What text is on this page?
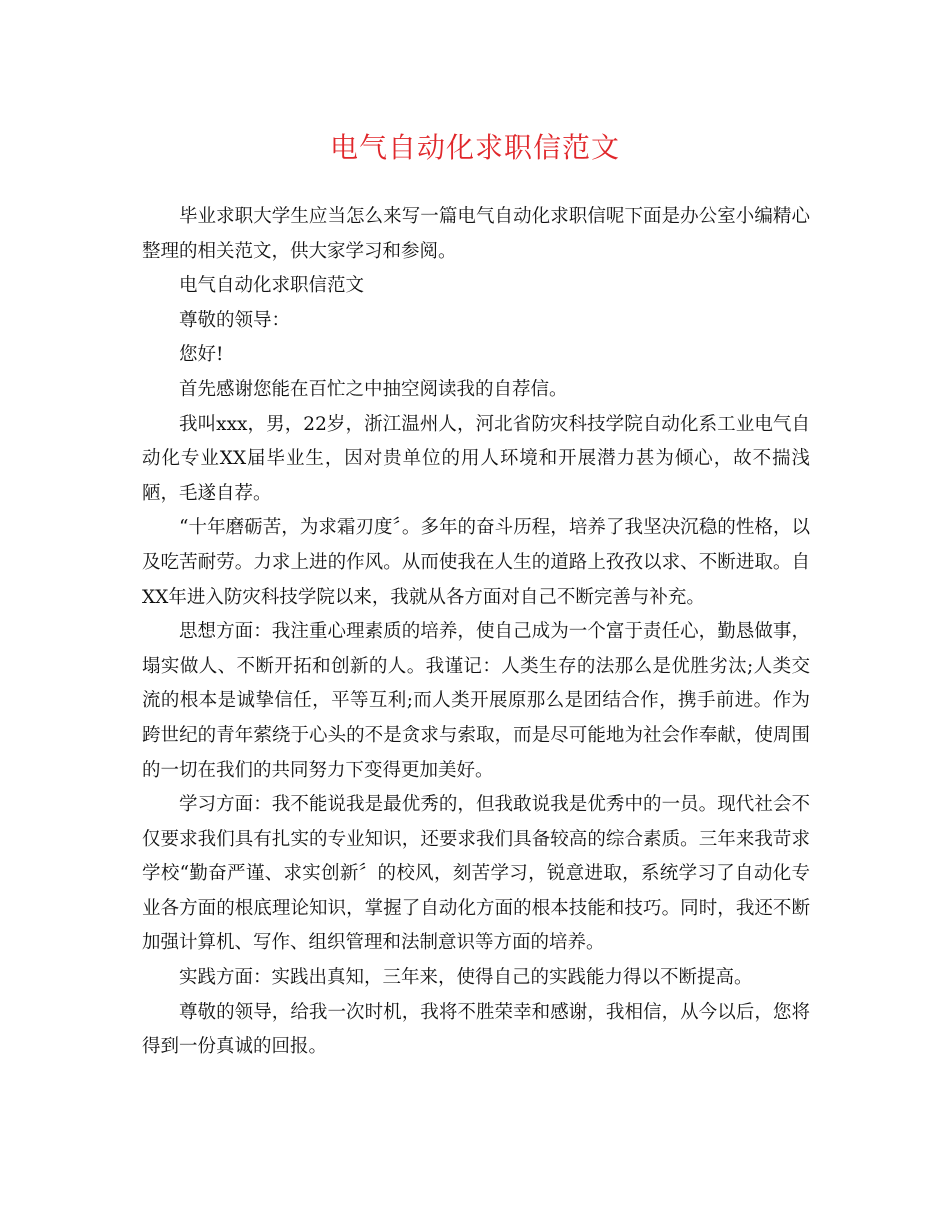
电气自动化求职信范文

毕业求职大学生应当怎么来写一篇电气自动化求职信呢下面是办公室小编精心整理的相关范文，供大家学习和参阅。

电气自动化求职信范文

尊敬的领导：

您好!

首先感谢您能在百忙之中抽空阅读我的自荐信。

我叫xxx，男，22岁，浙江温州人，河北省防灾科技学院自动化系工业电气自动化专业XX届毕业生，因对贵单位的用人环境和开展潜力甚为倾心，故不揣浅陋，毛遂自荐。

“十年磨砺苦，为求霜刃度〞。多年的奋斗历程，培养了我坚决沉稳的性格，以及吃苦耐劳。力求上进的作风。从而使我在人生的道路上孜孜以求、不断进取。自XX年进入防灾科技学院以来，我就从各方面对自己不断完善与补充。

思想方面：我注重心理素质的培养，使自己成为一个富于责任心，勤恳做事，塌实做人、不断开拓和创新的人。我谨记：人类生存的法那么是优胜劣汰;人类交流的根本是诚挚信任，平等互利;而人类开展原那么是团结合作，携手前进。作为跨世纪的青年萦绕于心头的不是贪求与索取，而是尽可能地为社会作奉献，使周围的一切在我们的共同努力下变得更加美好。

学习方面：我不能说我是最优秀的，但我敢说我是优秀中的一员。现代社会不仅要求我们具有扎实的专业知识，还要求我们具备较高的综合素质。三年来我苛求学校“勤奋严谨、求实创新〞的校风，刻苦学习，锐意进取，系统学习了自动化专业各方面的根底理论知识，掌握了自动化方面的根本技能和技巧。同时，我还不断加强计算机、写作、组织管理和法制意识等方面的培养。

实践方面：实践出真知，三年来，使得自己的实践能力得以不断提高。

尊敬的领导，给我一次时机，我将不胜荣幸和感谢，我相信，从今以后，您将得到一份真诚的回报。
